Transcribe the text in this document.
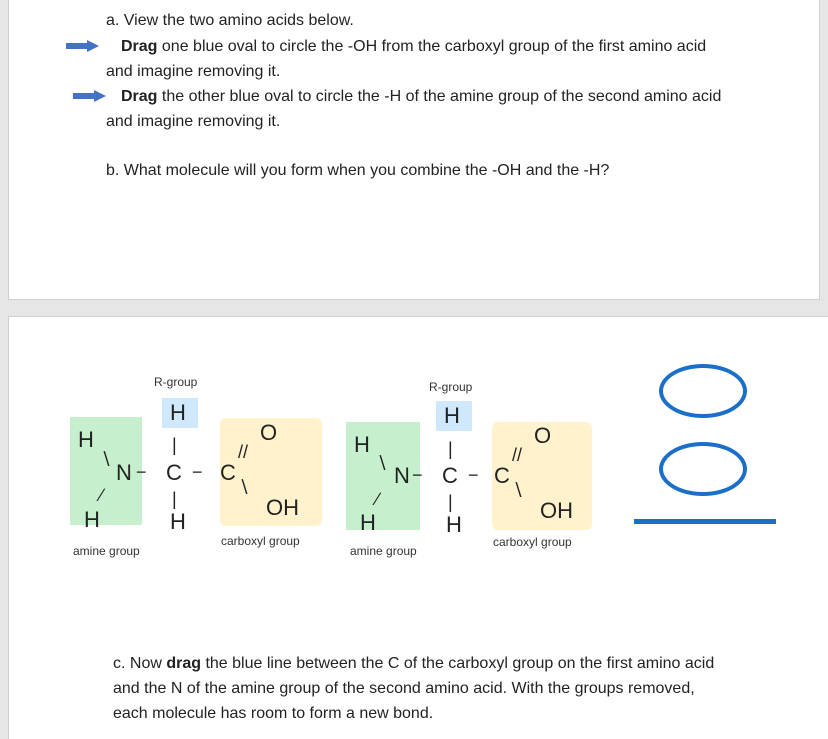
a. View the two amino acids below.
Drag one blue oval to circle the -OH from the carboxyl group of the first amino acid
and imagine removing it.
Drag the other blue oval to circle the -H of the amine group of the second amino acid
and imagine removing it.
b. What molecule will you form when you combine the -OH and the -H?
R-group
H
H
∖
N
∕
H
−
|
C
|
H
− C
//
O
∖
OH
amine group
carboxyl group
R-group
H
H
∖ N
∕
H
−
|
C
|
H
− C
//
O
∖
OH
amine group
carboxyl group
c. Now drag the blue line between the C of the carboxyl group on the first amino acid
and the N of the amine group of the second amino acid. With the groups removed,
each molecule has room to form a new bond.
